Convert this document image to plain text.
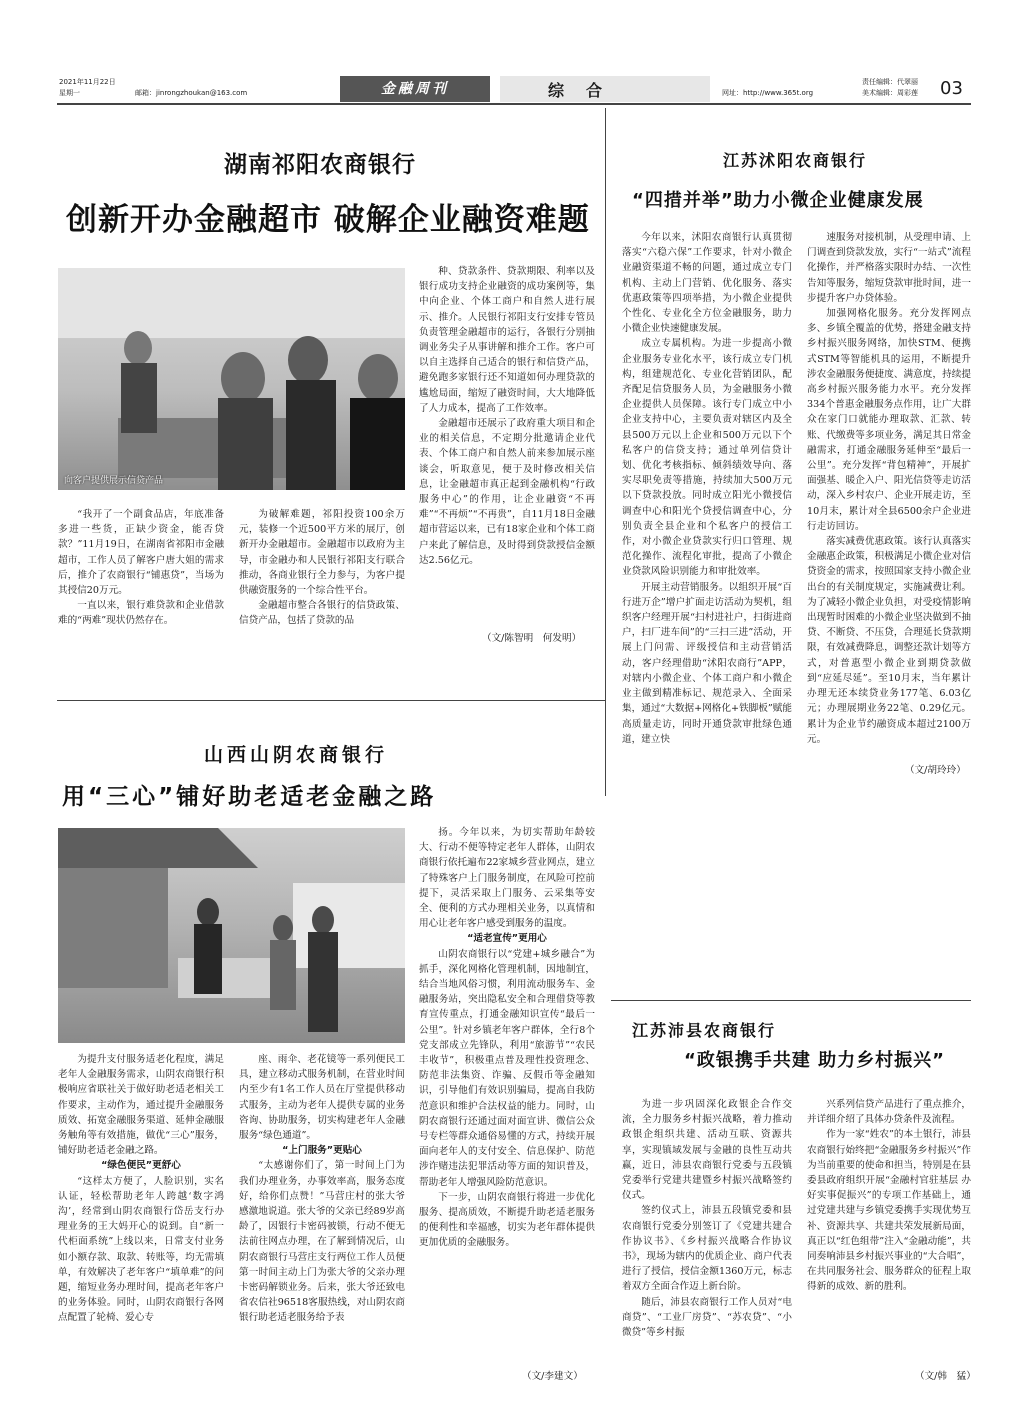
2021年11月22日
星期一	邮箱：jinrongzhoukan@163.com	金融周刊	综合	网址：http://www.365t.org
责任编辑：代翠丽
美术编辑：周彩莲 03
湖南祁阳农商银行
创新开办金融超市 破解企业融资难题
向客户提供展示信贷产品

“我开了一个副食品店，年底准备多进一些货，正缺少资金，能否贷款？”11月19日，在湖南省祁阳市金融超市，工作人员了解客户唐大姐的需求后，推介了农商银行“铺惠贷”，当场为其授信20万元。

一直以来，银行难贷款和企业借款难的“两难”现状仍然存在。

为破解难题，祁阳投资100余万元，装修一个近500平方米的展厅，创新开办金融超市。金融超市以政府为主导，市金融办和人民银行祁阳支行联合推动，各商业银行全力参与，为客户提供融资服务的一个综合性平台。

金融超市整合各银行的信贷政策、信贷产品，包括了贷款的品

种、贷款条件、贷款期限、利率以及银行成功支持企业融资的成功案例等，集中向企业、个体工商户和自然人进行展示、推介。人民银行祁阳支行安排专管员负责管理金融超市的运行，各银行分别抽调业务尖子从事讲解和推介工作。客户可以自主选择自己适合的银行和信贷产品，避免跑多家银行还不知道如何办理贷款的尴尬局面，缩短了融资时间，大大地降低了人力成本，提高了工作效率。

金融超市还展示了政府重大项目和企业的相关信息，不定期分批邀请企业代表、个体工商户和自然人前来参加展示座谈会，听取意见，便于及时修改相关信息，让金融超市真正起到金融机构“行政服务中心”的作用，让企业融资“不再难”“不再烦”“不再贵”，自11月18日金融超市营运以来，已有18家企业和个体工商户来此了解信息，及时得到贷款授信金额达2.56亿元。

（文/陈智明　何发明）
江苏沭阳农商银行
“四措并举”助力小微企业健康发展

今年以来，沭阳农商银行认真贯彻落实“六稳六保”工作要求，针对小微企业融资渠道不畅的问题，通过成立专门机构、主动上门营销、优化服务、落实优惠政策等四项举措，为小微企业提供个性化、专业化全方位金融服务，助力小微企业快速健康发展。

成立专属机构。为进一步提高小微企业服务专业化水平，该行成立专门机构，组建规范化、专业化营销团队，配齐配足信贷服务人员，为金融服务小微企业提供人员保障。该行专门成立中小企业支持中心，主要负责对辖区内及全县500万元以上企业和500万元以下个私客户的信贷支持；通过单列信贷计划、优化考核指标、倾斜绩效导向、落实尽职免责等措施，持续加大500万元以下贷款投放。同时成立阳光小微授信调查中心和阳光个贷授信调查中心，分别负责全县企业和个私客户的授信工作，对小微企业贷款实行归口管理、规范化操作、流程化审批，提高了小微企业贷款风险识别能力和审批效率。

开展主动营销服务。以组织开展“百行进万企”增户扩面走访活动为契机，组织客户经理开展“扫村进社户，扫街进商户，扫厂进车间”的“三扫三进”活动，开展上门问需、评级授信和主动营销活动，客户经理借助“沭阳农商行”APP，对辖内小微企业、个体工商户和小微企业主做到精准标记、规范录入、全面采集，通过“大数据+网格化+铁脚板”赋能高质量走访，同时开通贷款审批绿色通道，建立快

速服务对接机制，从受理申请、上门调查到贷款发放，实行“一站式”流程化操作，并严格落实限时办结、一次性告知等服务，缩短贷款审批时间，进一步提升客户办贷体验。

加强网格化服务。充分发挥网点多、乡镇全覆盖的优势，搭建金融支持乡村振兴服务网络，加快STM、便携式STM等智能机具的运用，不断提升涉农金融服务便捷度、满意度，持续提高乡村振兴服务能力水平。充分发挥334个普惠金融服务点作用，让广大群众在家门口就能办理取款、汇款、转账、代缴费等多项业务，满足其日常金融需求，打通金融服务延伸至“最后一公里”。充分发挥“背包精神”，开展扩面强基、暖企入户、阳光信贷等走访活动，深入乡村农户、企业开展走访，至10月末，累计对全县6500余户企业进行走访回访。

落实减费优惠政策。该行认真落实金融惠企政策，积极满足小微企业对信贷资金的需求，按照国家支持小微企业出台的有关制度规定，实施减费让利。为了减轻小微企业负担，对受疫情影响出现暂时困难的小微企业坚决做到不抽贷、不断贷、不压贷，合理延长贷款期限，有效减费降息，调整还款计划等方式，对普惠型小微企业到期贷款做到“应延尽延”。至10月末，当年累计办理无还本续贷业务177笔、6.03亿元；办理展期业务22笔、0.29亿元。累计为企业节约融资成本超过2100万元。

（文/胡玲玲）
山西山阴农商银行
用“三心”铺好助老适老金融之路

为提升支付服务适老化程度，满足老年人金融服务需求，山阴农商银行积极响应省联社关于做好助老适老相关工作要求，主动作为，通过提升金融服务质效、拓宽金融服务渠道、延伸金融服务触角等有效措施，做优“三心”服务，铺好助老适老金融之路。

“绿色便民”更舒心

“这样太方便了，人脸识别，实名认证，轻松帮助老年人跨越‘数字鸿沟’，经常到山阴农商银行岱岳支行办理业务的王大妈开心的说到。自“新一代柜面系统”上线以来，日常支付业务如小额存款、取款、转账等，均无需填单，有效解决了老年客户“填单难”的问题，缩短业务办理时间，提高老年客户的业务体验。同时，山阴农商银行各网点配置了轮椅、爱心专

座、雨伞、老花镜等一系列便民工具，建立移动式服务机制，在营业时间内至少有1名工作人员在厅堂提供移动式服务，主动为老年人提供专属的业务咨询、协助服务，切实构建老年人金融服务“绿色通道”。

“上门服务”更贴心

“太感谢你们了，第一时间上门为我们办理业务，办事效率高，服务态度好，给你们点赞！”马营庄村的张大爷感激地说道。张大爷的父亲已经89岁高龄了，因银行卡密码被锁，行动不便无法前往网点办理，在了解到情况后，山阴农商银行马营庄支行两位工作人员便第一时间主动上门为张大爷的父亲办理卡密码解锁业务。后来，张大爷还致电省农信社96518客服热线，对山阴农商银行助老适老服务给予表

扬。今年以来，为切实帮助年龄较大、行动不便等特定老年人群体，山阴农商银行依托遍布22家城乡营业网点，建立了特殊客户上门服务制度，在风险可控前提下，灵活采取上门服务、云采集等安全、便利的方式办理相关业务，以真情和用心让老年客户感受到服务的温度。

“适老宣传”更用心

山阴农商银行以“党建+城乡融合”为抓手，深化网格化管理机制，因地制宜，结合当地风俗习惯，利用流动服务车、金融服务站，突出隐私安全和合理借贷等教育宣传重点，打通金融知识宣传“最后一公里”。针对乡镇老年客户群体，全行8个党支部成立先锋队，利用“旅游节”“农民丰收节”，积极重点普及理性投资理念、防范非法集资、诈骗、反假币等金融知识，引导他们有效识别骗局，提高自我防范意识和维护合法权益的能力。同时，山阴农商银行还通过面对面宣讲、微信公众号专栏等群众通俗易懂的方式，持续开展面向老年人的支付安全、信息保护、防范涉诈赌违法犯罪活动等方面的知识普及，帮助老年人增强风险防范意识。

下一步，山阴农商银行将进一步优化服务、提高质效，不断提升助老适老服务的便利性和幸福感，切实为老年群体提供更加优质的金融服务。

（文/李建文）
江苏沛县农商银行
“政银携手共建 助力乡村振兴”

为进一步巩固深化政银企合作交流，全力服务乡村振兴战略，着力推动政银企组织共建、活动互联、资源共享，实现镇域发展与金融的良性互动共赢，近日，沛县农商银行党委与五段镇党委举行党建共建暨乡村振兴战略签约仪式。

签约仪式上，沛县五段镇党委和县农商银行党委分别签订了《党建共建合作协议书》、《乡村振兴战略合作协议书》，现场为辖内的优质企业、商户代表进行了授信，授信金额1360万元，标志着双方全面合作迈上新台阶。

随后，沛县农商银行工作人员对“电商贷”、“工业厂房贷”、“苏农贷”、“小微贷”等乡村振

兴系列信贷产品进行了重点推介，并详细介绍了具体办贷条件及流程。

作为一家“姓农”的本土银行，沛县农商银行始终把“金融服务乡村振兴”作为当前重要的使命和担当，特别是在县委县政府组织开展“金融村官驻基层 办好实事促振兴”的专项工作基础上，通过党建共建与乡镇党委携手实现优势互补、资源共享、共建共荣发展新局面，真正以“红色组带”注入“金融动能”，共同奏响沛县乡村振兴事业的“大合唱”，在共同服务社会、服务群众的征程上取得新的成效、新的胜利。

（文/韩　猛）
